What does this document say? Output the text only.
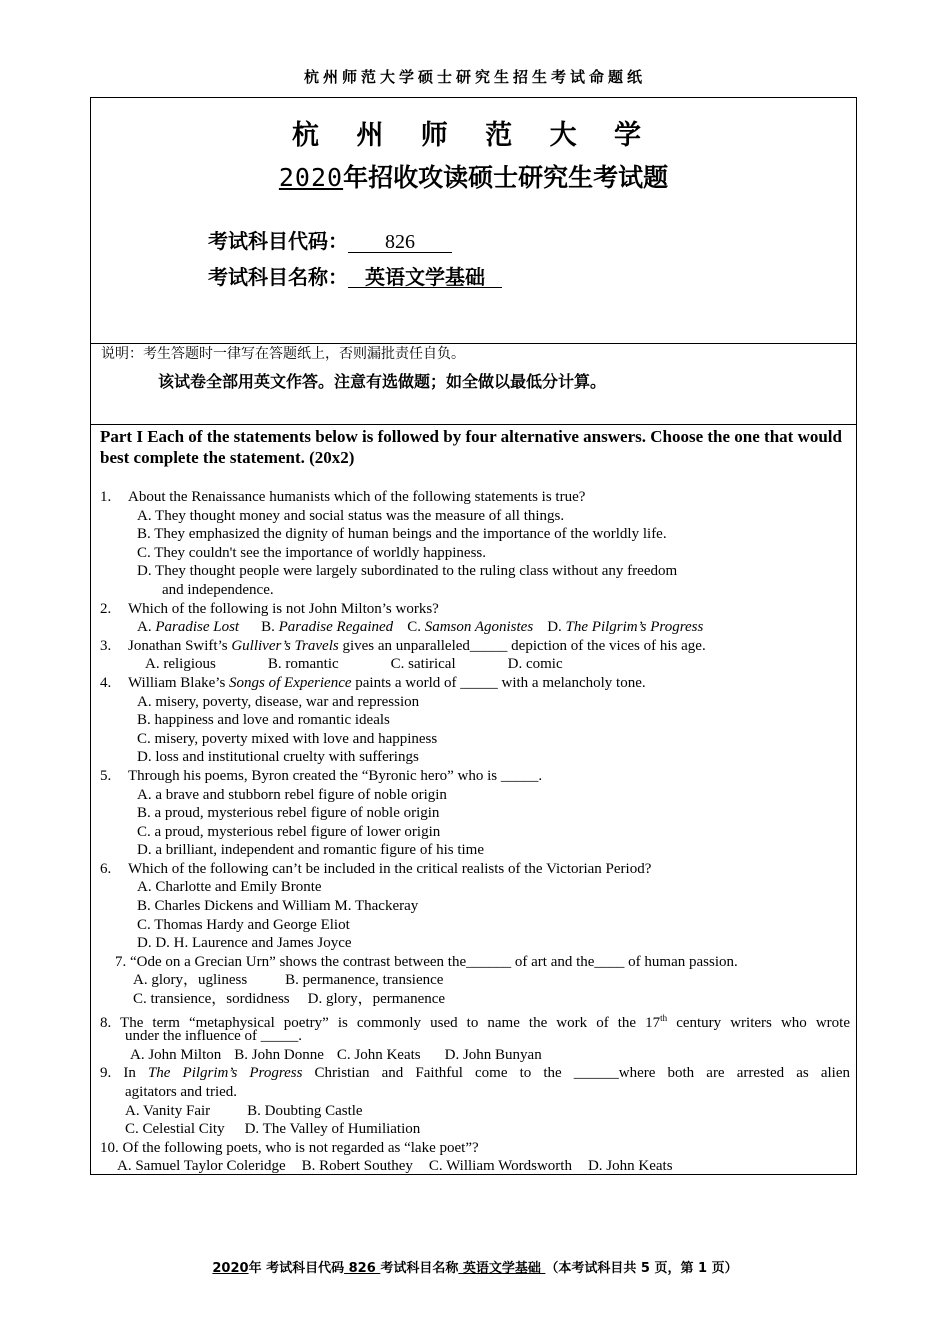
杭州师范大学硕士研究生招生考试命题纸
杭 州 师 范 大 学
2020年招收攻读硕士研究生考试题
考试科目代码： 826
考试科目名称： 英语文学基础
说明：考生答题时一律写在答题纸上，否则漏批责任自负。
该试卷全部用英文作答。注意有选做题；如全做以最低分计算。
Part I Each of the statements below is followed by four alternative answers. Choose the one that would best complete the statement. (20x2)
1. About the Renaissance humanists which of the following statements is true?
A. They thought money and social status was the measure of all things.
B. They emphasized the dignity of human beings and the importance of the worldly life.
C. They couldn't see the importance of worldly happiness.
D. They thought people were largely subordinated to the ruling class without any freedom
and independence.
2. Which of the following is not John Milton’s works?
A. Paradise Lost B. Paradise Regained C. Samson Agonistes D. The Pilgrim’s Progress
3. Jonathan Swift’s Gulliver’s Travels gives an unparalleled_____ depiction of the vices of his age.
A. religious	B. romantic	C. satirical	D. comic
4. William Blake’s Songs of Experience paints a world of _____ with a melancholy tone.
A. misery, poverty, disease, war and repression
B. happiness and love and romantic ideals
C. misery, poverty mixed with love and happiness
D. loss and institutional cruelty with sufferings
5. Through his poems, Byron created the “Byronic hero” who is _____.
A. a brave and stubborn rebel figure of noble origin
B. a proud, mysterious rebel figure of noble origin
C. a proud, mysterious rebel figure of lower origin
D. a brilliant, independent and romantic figure of his time
6. Which of the following can’t be included in the critical realists of the Victorian Period?
A. Charlotte and Emily Bronte
B. Charles Dickens and William M. Thackeray
C. Thomas Hardy and George Eliot
D. D. H. Laurence and James Joyce
7. “Ode on a Grecian Urn” shows the contrast between the______ of art and the____ of human passion.
A. glory，ugliness	B. permanence, transience
C. transience，sordidness D. glory，permanence
8. The term “metaphysical poetry” is commonly used to name the work of the 17th century writers who wrote
under the influence of _____.
A. John Milton B. John Donne C. John Keats D. John Bunyan
9. In The Pilgrim’s Progress Christian and Faithful come to the ______where both are arrested as alien
agitators and tried.
A. Vanity Fair B. Doubting Castle
C. Celestial City D. The Valley of Humiliation
10. Of the following poets, who is not regarded as “lake poet”?
A. Samuel Taylor Coleridge B. Robert Southey C. William Wordsworth D. John Keats
2020年 考试科目代码 826 考试科目名称 英语文学基础 （本考试科目共 5 页，第 1 页）
